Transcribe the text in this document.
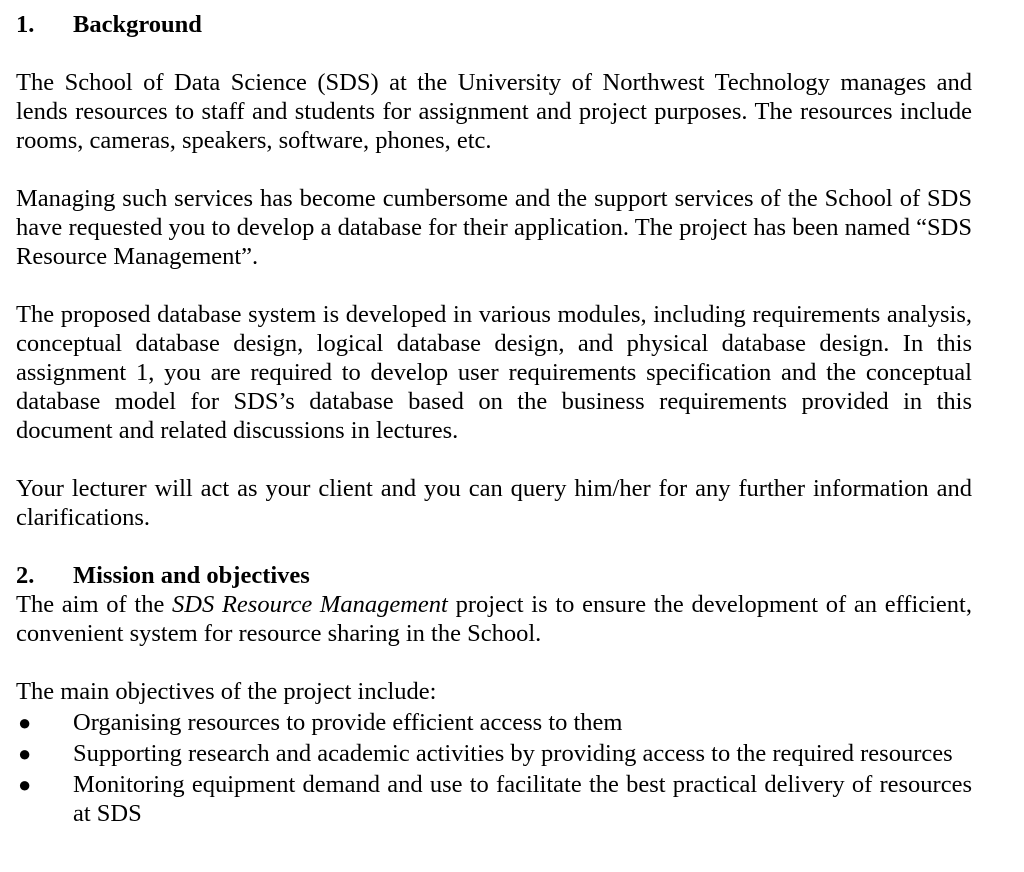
1.	Background

The School of Data Science (SDS) at the University of Northwest Technology manages and lends resources to staff and students for assignment and project purposes. The resources include rooms, cameras, speakers, software, phones, etc.

Managing such services has become cumbersome and the support services of the School of SDS have requested you to develop a database for their application. The project has been named “SDS Resource Management”.

The proposed database system is developed in various modules, including requirements analysis, conceptual database design, logical database design, and physical database design. In this assignment 1, you are required to develop user requirements specification and the conceptual database model for SDS’s database based on the business requirements provided in this document and related discussions in lectures.

Your lecturer will act as your client and you can query him/her for any further information and clarifications.

2.	Mission and objectives

The aim of the SDS Resource Management project is to ensure the development of an efficient, convenient system for resource sharing in the School.

The main objectives of the project include:

●	Organising resources to provide efficient access to them
●	Supporting research and academic activities by providing access to the required resources
●	Monitoring equipment demand and use to facilitate the best practical delivery of resources at SDS
